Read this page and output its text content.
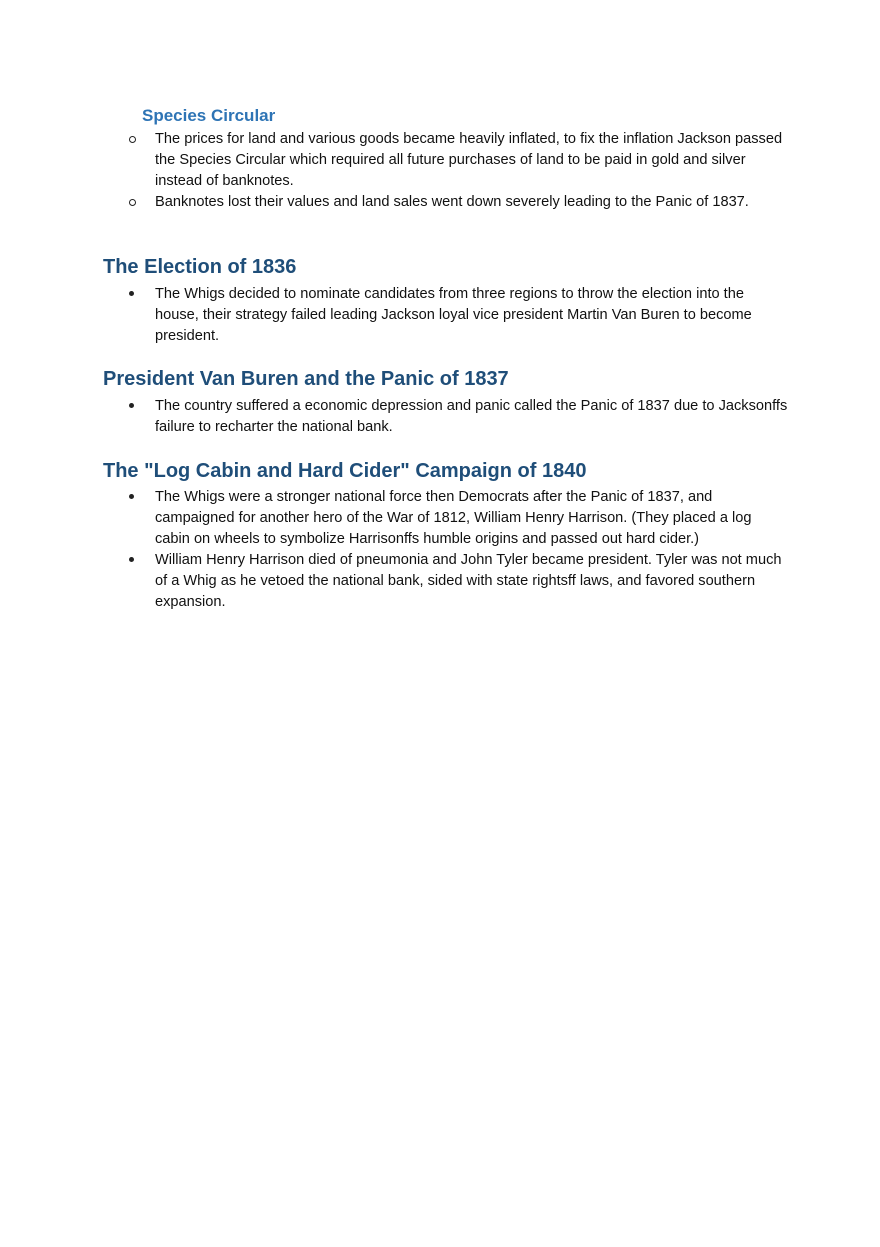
Species Circular
The prices for land and various goods became heavily inflated, to fix the inflation Jackson passed the Species Circular which required all future purchases of land to be paid in gold and silver instead of banknotes.
Banknotes lost their values and land sales went down severely leading to the Panic of 1837.
The Election of 1836
The Whigs decided to nominate candidates from three regions to throw the election into the house, their strategy failed leading Jackson loyal vice president Martin Van Buren to become president.
President Van Buren and the Panic of 1837
The country suffered a economic depression and panic called the Panic of 1837 due to Jacksonffs failure to recharter the national bank.
The "Log Cabin and Hard Cider" Campaign of 1840
The Whigs were a stronger national force then Democrats after the Panic of 1837, and campaigned for another hero of the War of 1812, William Henry Harrison. (They placed a log cabin on wheels to symbolize Harrisonffs humble origins and passed out hard cider.)
William Henry Harrison died of pneumonia and John Tyler became president. Tyler was not much of a Whig as he vetoed the national bank, sided with state rightsff laws, and favored southern expansion.
